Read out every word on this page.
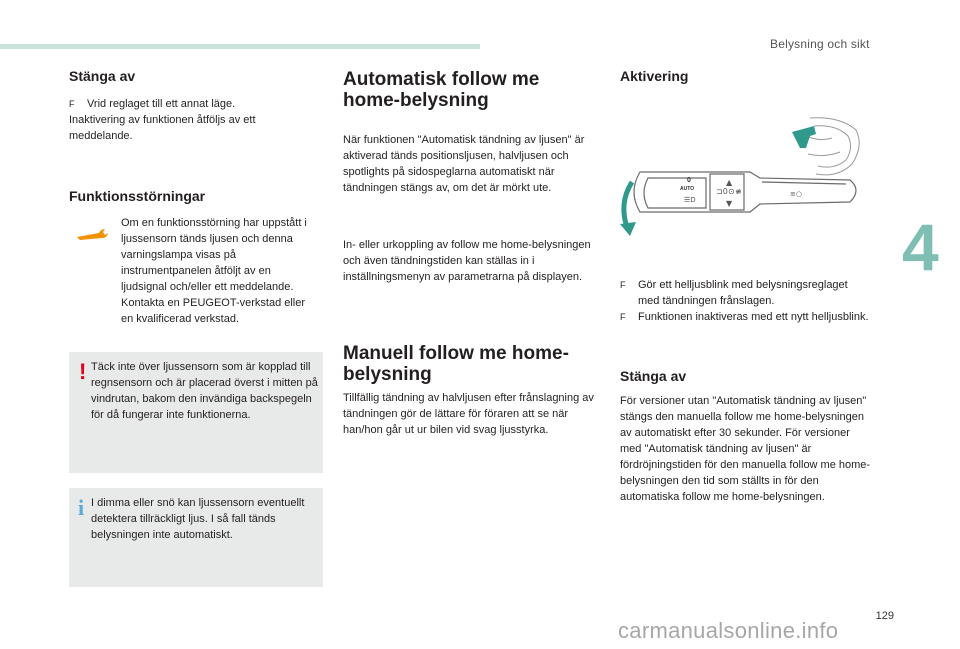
Belysning och sikt
4
129
carmanualsonline.info
Stänga av

F Vrid reglaget till ett annat läge.
Inaktivering av funktionen åtföljs av ett meddelande.

Funktionsstörningar

Om en funktionsstörning har uppstått i ljussensorn tänds ljusen och denna varningslampa visas på instrumentpanelen åtföljt av en ljudsignal och/eller ett meddelande. Kontakta en PEUGEOT-verkstad eller en kvalificerad verkstad.

! Täck inte över ljussensorn som är kopplad till regnsensorn och är placerad överst i mitten på vindrutan, bakom den invändiga backspegeln för då fungerar inte funktionerna.
i I dimma eller snö kan ljussensorn eventuellt detektera tillräckligt ljus. I så fall tänds belysningen inte automatiskt.
Automatisk follow me home-belysning

När funktionen "Automatisk tändning av ljusen" är aktiverad tänds positionsljusen, halvljusen och spotlights på sidospeglarna automatiskt när tändningen stängs av, om det är mörkt ute.

In- eller urkoppling av follow me home-belysningen och även tändningstiden kan ställas in i inställningsmenyn av parametrarna på displayen.

Manuell follow me home-belysning

Tillfällig tändning av halvljusen efter frånslagning av tändningen gör de lättare för föraren att se när han/hon går ut ur bilen vid svag ljusstyrka.

Aktivering
0
AUTO	⊐0 ⊙ ≢
▲
▼
☰D
≡○

F Gör ett helljusblink med belysningsreglaget med tändningen frånslagen.
F Funktionen inaktiveras med ett nytt helljusblink.

Stänga av

För versioner utan "Automatisk tändning av ljusen" stängs den manuella follow me home-belysningen av automatiskt efter 30 sekunder. För versioner med "Automatisk tändning av ljusen" är fördröjningstiden för den manuella follow me home-belysningen den tid som ställts in för den automatiska follow me home-belysningen.
